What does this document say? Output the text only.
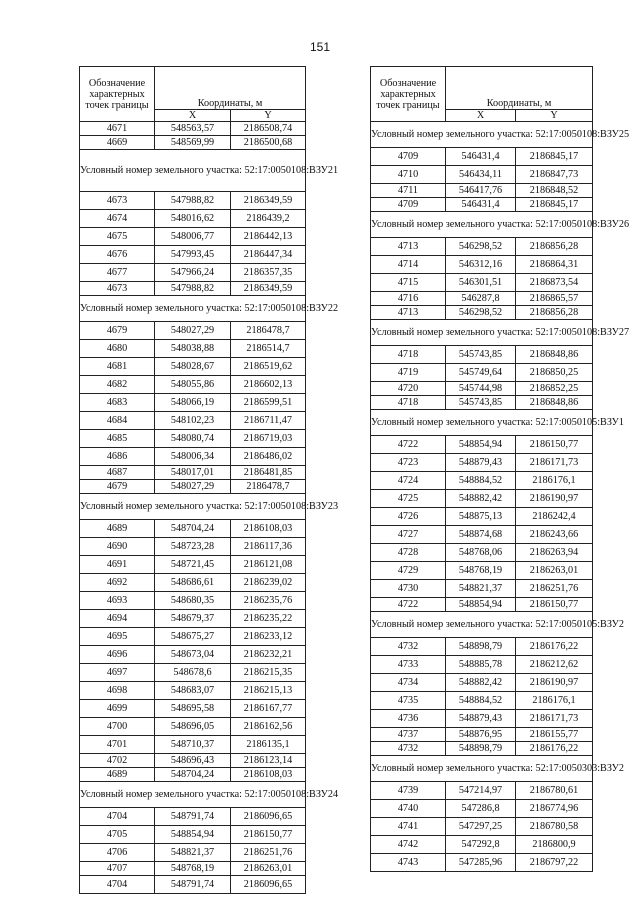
151
Обозначение характерных точек границы	Координаты, м	
	X	Y
4671	548563,57	2186508,74
4669	548569,99	2186500,68
Условный номер земельного участка: 52:17:0050108:ВЗУ21		
4673	547988,82	2186349,59
4674	548016,62	2186439,2
4675	548006,77	2186442,13
4676	547993,45	2186447,34
4677	547966,24	2186357,35
4673	547988,82	2186349,59
Условный номер земельного участка: 52:17:0050108:ВЗУ22		
4679	548027,29	2186478,7
4680	548038,88	2186514,7
4681	548028,67	2186519,62
4682	548055,86	2186602,13
4683	548066,19	2186599,51
4684	548102,23	2186711,47
4685	548080,74	2186719,03
4686	548006,34	2186486,02
4687	548017,01	2186481,85
4679	548027,29	2186478,7
Условный номер земельного участка: 52:17:0050108:ВЗУ23		
4689	548704,24	2186108,03
4690	548723,28	2186117,36
4691	548721,45	2186121,08
4692	548686,61	2186239,02
4693	548680,35	2186235,76
4694	548679,37	2186235,22
4695	548675,27	2186233,12
4696	548673,04	2186232,21
4697	548678,6	2186215,35
4698	548683,07	2186215,13
4699	548695,58	2186167,77
4700	548696,05	2186162,56
4701	548710,37	2186135,1
4702	548696,43	2186123,14
4689	548704,24	2186108,03
Условный номер земельного участка: 52:17:0050108:ВЗУ24		
4704	548791,74	2186096,65
4705	548854,94	2186150,77
4706	548821,37	2186251,76
4707	548768,19	2186263,01
4704	548791,74	2186096,65
Обозначение характерных точек границы	Координаты, м	
	X	Y
Условный номер земельного участка: 52:17:0050108:ВЗУ25		
4709	546431,4	2186845,17
4710	546434,11	2186847,73
4711	546417,76	2186848,52
4709	546431,4	2186845,17
Условный номер земельного участка: 52:17:0050108:ВЗУ26		
4713	546298,52	2186856,28
4714	546312,16	2186864,31
4715	546301,51	2186873,54
4716	546287,8	2186865,57
4713	546298,52	2186856,28
Условный номер земельного участка: 52:17:0050108:ВЗУ27		
4718	545743,85	2186848,86
4719	545749,64	2186850,25
4720	545744,98	2186852,25
4718	545743,85	2186848,86
Условный номер земельного участка: 52:17:0050105:ВЗУ1		
4722	548854,94	2186150,77
4723	548879,43	2186171,73
4724	548884,52	2186176,1
4725	548882,42	2186190,97
4726	548875,13	2186242,4
4727	548874,68	2186243,66
4728	548768,06	2186263,94
4729	548768,19	2186263,01
4730	548821,37	2186251,76
4722	548854,94	2186150,77
Условный номер земельного участка: 52:17:0050105:ВЗУ2		
4732	548898,79	2186176,22
4733	548885,78	2186212,62
4734	548882,42	2186190,97
4735	548884,52	2186176,1
4736	548879,43	2186171,73
4737	548876,95	2186155,77
4732	548898,79	2186176,22
Условный номер земельного участка: 52:17:0050303:ВЗУ2		
4739	547214,97	2186780,61
4740	547286,8	2186774,96
4741	547297,25	2186780,58
4742	547292,8	2186800,9
4743	547285,96	2186797,22
